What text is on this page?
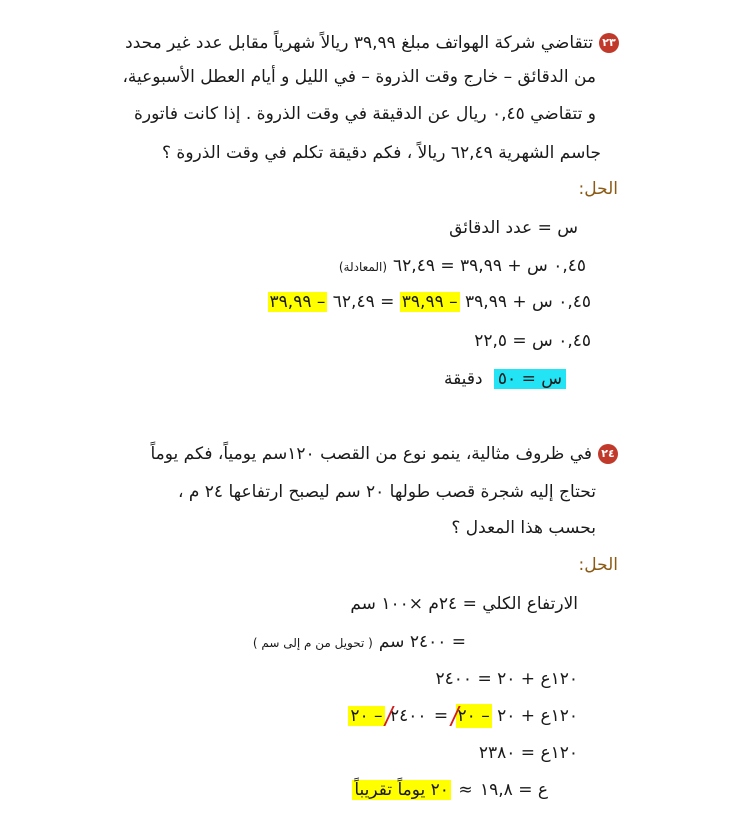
٢٣تتقاضي شركة الهواتف مبلغ ٣٩,٩٩ ريالاً شهرياً مقابل عدد غير محدد
من الدقائق – خارج وقت الذروة – في الليل و أيام العطل الأسبوعية،
و تتقاضي ٠,٤٥ ريال عن الدقيقة في وقت الذروة . إذا كانت فاتورة
جاسم الشهرية ٦٢,٤٩ ريالاً ، فكم دقيقة تكلم في وقت الذروة ؟
الحل:
س = عدد الدقائق
٠,٤٥ س + ٣٩,٩٩ = ٦٢,٤٩(المعادلة)
٠,٤٥ س + ٣٩,٩٩ – ٣٩,٩٩ = ٦٢,٤٩ – ٣٩,٩٩
٠,٤٥ س = ٢٢,٥
س = ٥٠ دقيقة
٢٤في ظروف مثالية، ينمو نوع من القصب ١٢٠سم يومياً، فكم يوماً
تحتاج إليه شجرة قصب طولها ٢٠ سم ليصبح ارتفاعها ٢٤ م ،
بحسب هذا المعدل ؟
الحل:
الارتفاع الكلي = ٢٤م ×١٠٠ سم
= ٢٤٠٠ سم( تحويل من م إلى سم )
١٢٠ع + ٢٠ = ٢٤٠٠
١٢٠ع + ٢٠ – ٢٠ = ٢٤٠٠ – ٢٠
١٢٠ع = ٢٣٨٠
ع = ١٩,٨ ≈ ٢٠ يوماً تقريباً
